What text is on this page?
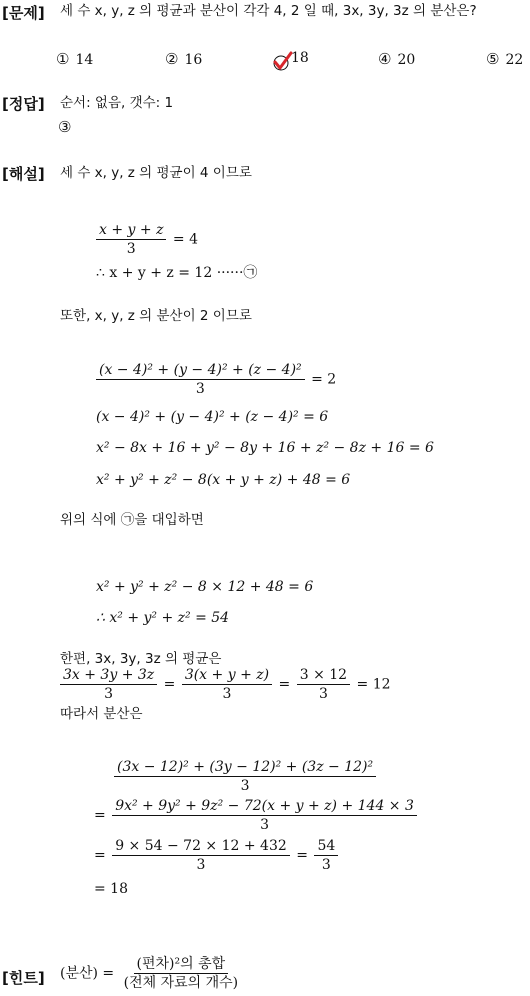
[문제] 세 수 x, y, z 의 평균과 분산이 각각 4, 2 일 때, 3x, 3y, 3z 의 분산은?
① 14	② 16	18	④ 20	⑤ 22
[정답] 순서: 없음, 갯수: 1
③
[해설] 세 수 x, y, z 의 평균이 4 이므로
$\frac{x + y + z}{3} = 4$
∴ x + y + z = 12 ······㉠
또한, x, y, z 의 분산이 2 이므로
$\frac{\text{(x − 4)² + (y − 4)² + (z − 4)²}}{3} = 2$
(x − 4)² + (y − 4)² + (z − 4)² = 6
x² − 8x + 16 + y² − 8y + 16 + z² − 8z + 16 = 6
x² + y² + z² − 8(x + y + z) + 48 = 6
위의 식에 ㉠을 대입하면
x² + y² + z² − 8 × 12 + 48 = 6
∴ x² + y² + z² = 54
한편, 3x, 3y, 3z 의 평균은
$\frac{3x + 3y + 3z}{3} = \frac{3(x + y + z)}{3} = \frac{3 \times 12}{3} = 12$
따라서 분산은
$\frac{\text{(3x − 12)² + (3y − 12)² + (3z − 12)²}}{3}$
= $\frac{\text{9x² + 9y² + 9z² − 72(x + y + z) + 144 × 3}}{3}$
= $\frac{9 \times 54 - 72 \times 12 + 432}{3} = \frac{54}{3}$
= 18
[힌트] (분산) = $\frac{\text{(편차)²의 총합}}{\text{(전체 자료의 개수)}}$
